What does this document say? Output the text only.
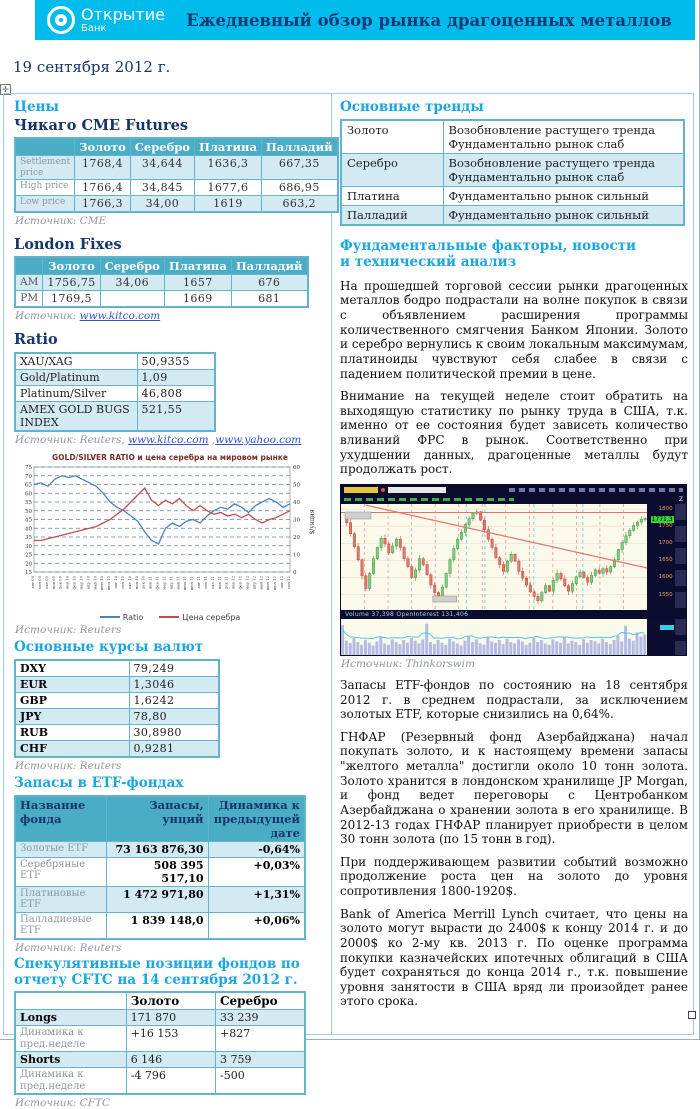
Открытие
Банк	Ежедневный обзор рынка драгоценных металлов
19 сентября 2012 г.
✛
Цены
Чикаго CME Futures
	Золото	Серебро	Платина	Палладий
Settlement price	1768,4	34,644	1636,3	667,35
High price	1766,4	34,845	1677,6	686,95
Low price	1766,3	34,00	1619	663,2
Источник: CME
London Fixes
	Золото	Серебро	Платина	Палладий
AM	1756,75	34,06	1657	676
PM	1769,5		1669	681
Источник: www.kitco.com
Ratio
XAU/XAG	50,9355
Gold/Platinum	1,09
Platinum/Silver	46,808
AMEX GOLD BUGS INDEX	521,55
Источник: Reuters, www.kitco.com ,www.yahoo.com
GOLD/SILVER RATIO и цена серебра на мировом рынке
15
20
25
30
35
40
45
50
55
60
65
70
75
0
10
20
30
40
50
60
$/унция
авг 09 сен 09 окт 09 ноя 09 дек 09 янв 10 фев 10 мар 10 апр 10 май 10 июн 10 июл 10 авг 10 сен 10 окт 10 ноя 10 дек 10 янв 11 фев 11 мар 11 апр 11 май 11 июн 11 июл 11 авг 11 сен 11 окт 11 ноя 11 дек 11 янв 12 фев 12 мар 12 апр 12 май 12 июн 12 июл 12 авг 12 сен 12
Ratio	Цена серебра
Источник: Reuters
Основные курсы валют
DXY	79,249
EUR	1,3046
GBP	1,6242
JPY	78,80
RUB	30,8980
CHF	0,9281
Источник: Reuters
Запасы в ETF-фондах
Название фонда	Запасы, унций	Динамика к предыдущей дате
Золотые ETF	73 163 876,30	-0,64%
Серебряные ETF	508 395 517,10	+0,03%
Платиновые ETF	1 472 971,80	+1,31%
Палладиевые ETF	1 839 148,0	+0,06%
Источник: Reuters
Спекулятивные позиции фондов по отчету CFTC на 14 сентября 2012 г.
	Золото	Серебро
Longs	171 870	33 239
Динамика к пред.неделе	+16 153	+827
Shorts	6 146	3 759
Динамика к пред.неделе	-4 796	-500
Источник: CFTC
Основные тренды
Золото	Возобновление растущего тренда
Фундаментально рынок слаб
Серебро	Возобновление растущего тренда
Фундаментально рынок слаб
Платина	Фундаментально рынок сильный
Палладий	Фундаментально рынок сильный
Фундаментальные факторы, новости и технический анализ

На прошедшей торговой сессии рынки драгоценных металлов бодро подрастали на волне покупок в связи с объявлением расширения программы количественного смягчения Банком Японии. Золото и серебро вернулись к своим локальным максимумам, платиноиды чувствуют себя слабее в связи с падением политической премии в цене.

Внимание на текущей неделе стоит обратить на выходящую статистику по рынку труда в США, т.к. именно от ее состояния будет зависеть количество вливаний ФРС в рынок. Соответственно при ухудшении данных, драгоценные металлы будут продолжать рост.

Z
1800
1750
1700
1650
1600
1550
1771.3
Volume 37,398 OpenInterest 131,406
Источник: Thinkorswim

Запасы ETF-фондов по состоянию на 18 сентября 2012 г. в среднем подрастали, за исключением золотых ETF, которые снизились на 0,64%.

ГНФАР (Резервный фонд Азербайджана) начал покупать золото, и к настоящему времени запасы "желтого металла" достигли около 10 тонн золота. Золото хранится в лондонском хранилище JP Morgan, и фонд ведет переговоры с Центробанком Азербайджана о хранении золота в его хранилище. В 2012-13 годах ГНФАР планирует приобрести в целом 30 тонн золота (по 15 тонн в год).

При поддерживающем развитии событий возможно продолжение роста цен на золото до уровня сопротивления 1800-1920$.

Bank of America Merrill Lynch считает, что цены на золото могут вырасти до 2400$ к концу 2014 г. и до 2000$ ко 2-му кв. 2013 г. По оценке программа покупки казначейских ипотечных облигаций в США будет сохраняться до конца 2014 г., т.к. повышение уровня занятости в США вряд ли произойдет ранее этого срока.
